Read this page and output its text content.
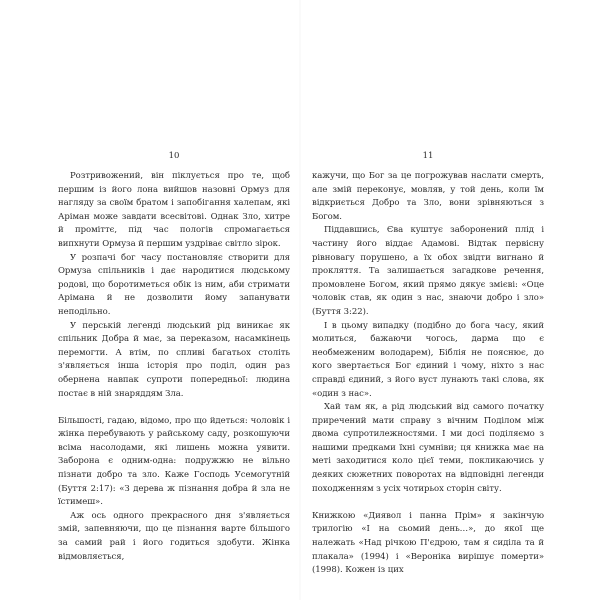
10

Розтривожений, він піклується про те, щоб першим із його лона вийшов назовні Ормуз для нагляду за своїм братом і запобігання халепам, які Аріман може завдати всесвітові. Однак Зло, хитре й проміттє, під час пологів спромагається випхнути Ормуза й першим уздріває світло зірок.

У розпачі бог часу постановляє створити для Ормуза спільників і дає народитися людському родові, що боротиметься обік із ним, аби стримати Арімана й не дозволити йому запанувати неподільно.

У перській легенді людський рід виникає як спільник Добра й має, за переказом, насамкінець перемогти. А втім, по спливі багатьох століть з'являється інша історія про поділ, один раз обернена навпак супроти попередньої: людина постає в ній знаряддям Зла.

Більшості, гадаю, відомо, про що йдеться: чоловік і жінка перебувають у райському саду, розкошуючи всіма насолодами, які лишень можна уявити. Заборона є одним-одна: подружжю не вільно пізнати добро та зло. Каже Господь Усемогутній (Буття 2:17): «З дерева ж пізнання добра й зла не їстимеш».

Аж ось одного прекрасного дня з'являється змій, запевняючи, що це пізнання варте більшого за самий рай і його годиться здобути. Жінка відмовляється,

11

кажучи, що Бог за це погрожував наслати смерть, але змій переконує, мовляв, у той день, коли їм відкриється Добро та Зло, вони зрівняються з Богом.

Піддавшись, Єва куштує заборонений плід і частину його віддає Адамові. Відтак первісну рівновагу порушено, а їх обох звідти вигнано й прокляття. Та залишається загадкове речення, промовлене Богом, який прямо дякує змієві: «Оце чоловік став, як один з нас, знаючи добро і зло» (Буття 3:22).

І в цьому випадку (подібно до бога часу, який молиться, бажаючи чогось, дарма що є необмеженим володарем), Біблія не пояснює, до кого звертається Бог єдиний і чому, ніхто з нас справді єдиний, з його вуст лунають такі слова, як «один з нас».

Хай там як, а рід людський від самого початку приречений мати справу з вічним Поділом між двома супротилежностями. І ми досі поділяємо з нашими предками їхні сумніви; ця книжка має на меті заходитися коло цієї теми, покликаючись у деяких сюжетних поворотах на відповідні легенди походженням з усіх чотирьох сторін світу.

Книжкою «Диявол і панна Прім» я закінчую трилогію «І на сьомий день…», до якої ще належать «Над річкою П'єдрою, там я сиділа та й плакала» (1994) і «Вероніка вирішує померти» (1998). Кожен із цих
